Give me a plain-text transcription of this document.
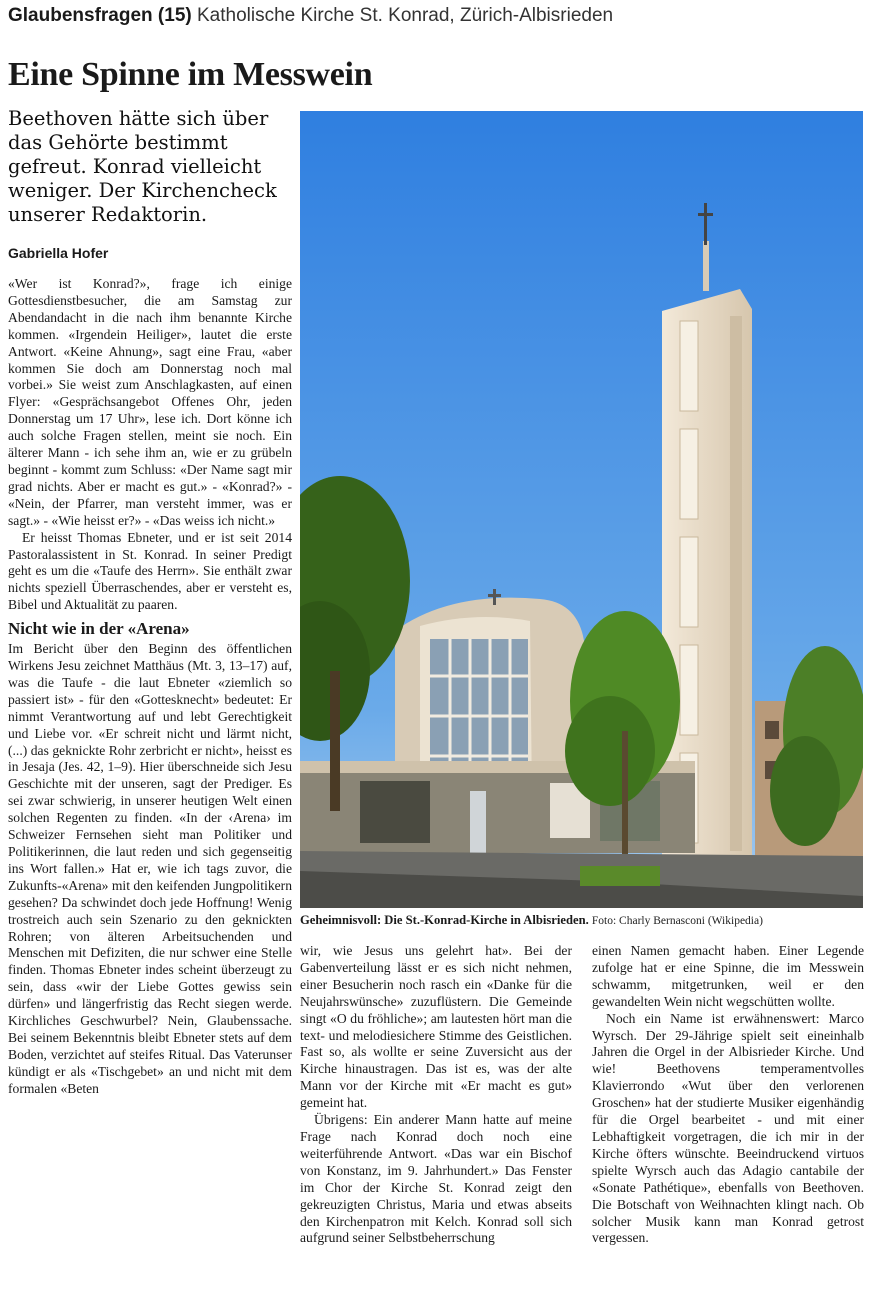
Glaubensfragen (15) Katholische Kirche St. Konrad, Zürich-Albisrieden
Eine Spinne im Messwein
Beethoven hätte sich über das Gehörte bestimmt gefreut. Konrad vielleicht weniger. Der Kirchencheck unserer Redaktorin.
Gabriella Hofer

«Wer ist Konrad?», frage ich einige Gottesdienstbesucher, die am Samstag zur Abendandacht in die nach ihm benannte Kirche kommen. «Irgendein Heiliger», lautet die erste Antwort. «Keine Ahnung», sagt eine Frau, «aber kommen Sie doch am Donnerstag noch mal vorbei.» Sie weist zum Anschlagkasten, auf einen Flyer: «Gesprächsangebot Offenes Ohr, jeden Donnerstag um 17 Uhr», lese ich. Dort könne ich auch solche Fragen stellen, meint sie noch. Ein älterer Mann - ich sehe ihm an, wie er zu grübeln beginnt - kommt zum Schluss: «Der Name sagt mir grad nichts. Aber er macht es gut.» - «Konrad?» - «Nein, der Pfarrer, man versteht immer, was er sagt.» - «Wie heisst er?» - «Das weiss ich nicht.»

Er heisst Thomas Ebneter, und er ist seit 2014 Pastoralassistent in St. Konrad. In seiner Predigt geht es um die «Taufe des Herrn». Sie enthält zwar nichts speziell Überraschendes, aber er versteht es, Bibel und Aktualität zu paaren.

Nicht wie in der «Arena»

Im Bericht über den Beginn des öffentlichen Wirkens Jesu zeichnet Matthäus (Mt. 3, 13–17) auf, was die Taufe - die laut Ebneter «ziemlich so passiert ist» - für den «Gottesknecht» bedeutet: Er nimmt Verantwortung auf und lebt Gerechtigkeit und Liebe vor. «Er schreit nicht und lärmt nicht, (...) das geknickte Rohr zerbricht er nicht», heisst es in Jesaja (Jes. 42, 1–9). Hier überschneide sich Jesu Geschichte mit der unseren, sagt der Prediger. Es sei zwar schwierig, in unserer heutigen Welt einen solchen Regenten zu finden. «In der ‹Arena› im Schweizer Fernsehen sieht man Politiker und Politikerinnen, die laut reden und sich gegenseitig ins Wort fallen.» Hat er, wie ich tags zuvor, die Zukunfts-«Arena» mit den keifenden Jungpolitikern gesehen? Da schwindet doch jede Hoffnung! Wenig trostreich auch sein Szenario zu den geknickten Rohren; von älteren Arbeitsuchenden und Menschen mit Defiziten, die nur schwer eine Stelle finden. Thomas Ebneter indes scheint überzeugt zu sein, dass «wir der Liebe Gottes gewiss sein dürfen» und längerfristig das Recht siegen werde. Kirchliches Geschwurbel? Nein, Glaubenssache. Bei seinem Bekenntnis bleibt Ebneter stets auf dem Boden, verzichtet auf steifes Ritual. Das Vaterunser kündigt er als «Tischgebet» an und nicht mit dem formalen «Beten

Geheimnisvoll: Die St.-Konrad-Kirche in Albisrieden. Foto: Charly Bernasconi (Wikipedia)

wir, wie Jesus uns gelehrt hat». Bei der Gabenverteilung lässt er es sich nicht nehmen, einer Besucherin noch rasch ein «Danke für die Neujahrswünsche» zuzuflüstern. Die Gemeinde singt «O du fröhliche»; am lautesten hört man die text- und melodiesichere Stimme des Geistlichen. Fast so, als wollte er seine Zuversicht aus der Kirche hinaustragen. Das ist es, was der alte Mann vor der Kirche mit «Er macht es gut» gemeint hat.

Übrigens: Ein anderer Mann hatte auf meine Frage nach Konrad doch noch eine weiterführende Antwort. «Das war ein Bischof von Konstanz, im 9. Jahrhundert.» Das Fenster im Chor der Kirche St. Konrad zeigt den gekreuzigten Christus, Maria und etwas abseits den Kirchenpatron mit Kelch. Konrad soll sich aufgrund seiner Selbstbeherrschung

einen Namen gemacht haben. Einer Legende zufolge hat er eine Spinne, die im Messwein schwamm, mitgetrunken, weil er den gewandelten Wein nicht wegschütten wollte.

Noch ein Name ist erwähnenswert: Marco Wyrsch. Der 29-Jährige spielt seit eineinhalb Jahren die Orgel in der Albisrieder Kirche. Und wie! Beethovens temperamentvolles Klavierrondo «Wut über den verlorenen Groschen» hat der studierte Musiker eigenhändig für die Orgel bearbeitet - und mit einer Lebhaftigkeit vorgetragen, die ich mir in der Kirche öfters wünschte. Beeindruckend virtuos spielte Wyrsch auch das Adagio cantabile der «Sonate Pathétique», ebenfalls von Beethoven. Die Botschaft von Weihnachten klingt nach. Ob solcher Musik kann man Konrad getrost vergessen.
